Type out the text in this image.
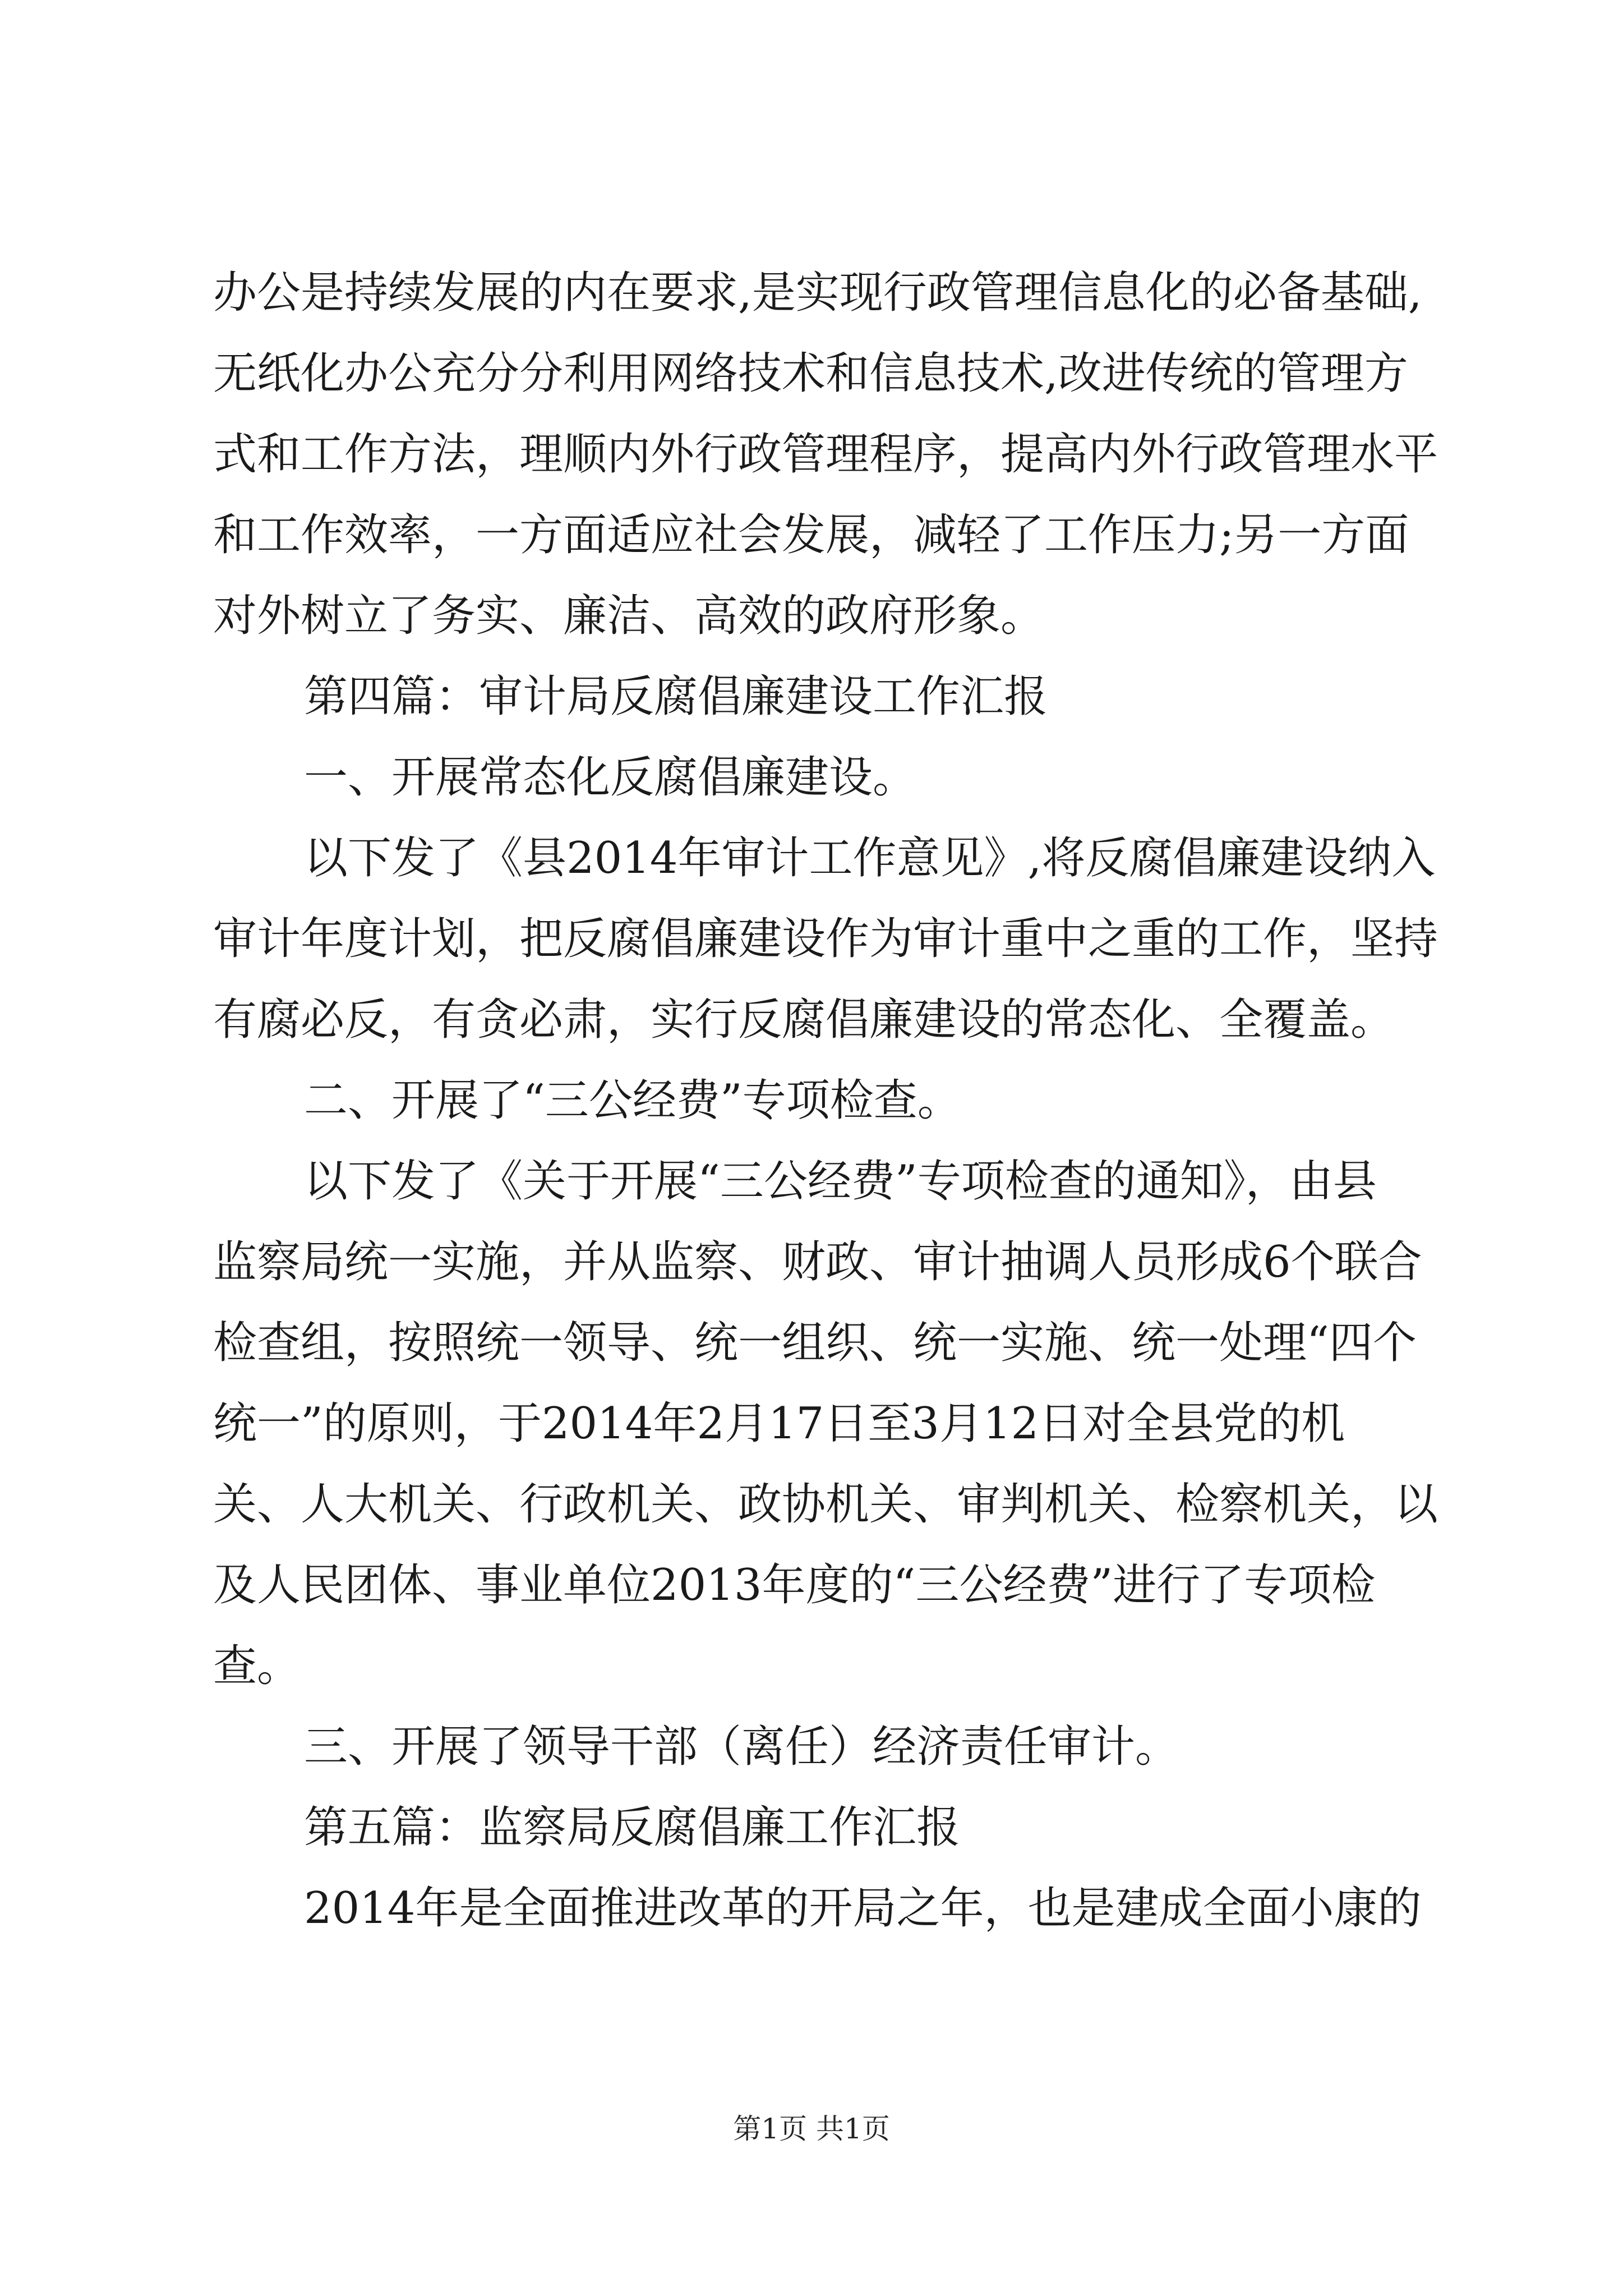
办公是持续发展的内在要求,是实现行政管理信息化的必备基础,

无纸化办公充分分利用网络技术和信息技术,改进传统的管理方

式和工作方法，理顺内外行政管理程序，提高内外行政管理水平

和工作效率，一方面适应社会发展，减轻了工作压力;另一方面

对外树立了务实、廉洁、高效的政府形象。

第四篇：审计局反腐倡廉建设工作汇报

一、开展常态化反腐倡廉建设。

以下发了《县2014年审计工作意见》,将反腐倡廉建设纳入

审计年度计划，把反腐倡廉建设作为审计重中之重的工作，坚持

有腐必反，有贪必肃，实行反腐倡廉建设的常态化、全覆盖。

二、开展了“三公经费”专项检查。

以下发了《关于开展“三公经费”专项检查的通知》，由县

监察局统一实施，并从监察、财政、审计抽调人员形成6个联合

检查组，按照统一领导、统一组织、统一实施、统一处理“四个

统一”的原则，于2014年2月17日至3月12日对全县党的机

关、人大机关、行政机关、政协机关、审判机关、检察机关，以

及人民团体、事业单位2013年度的“三公经费”进行了专项检

查。

三、开展了领导干部（离任）经济责任审计。

第五篇：监察局反腐倡廉工作汇报

2014年是全面推进改革的开局之年，也是建成全面小康的

第1页 共1页
